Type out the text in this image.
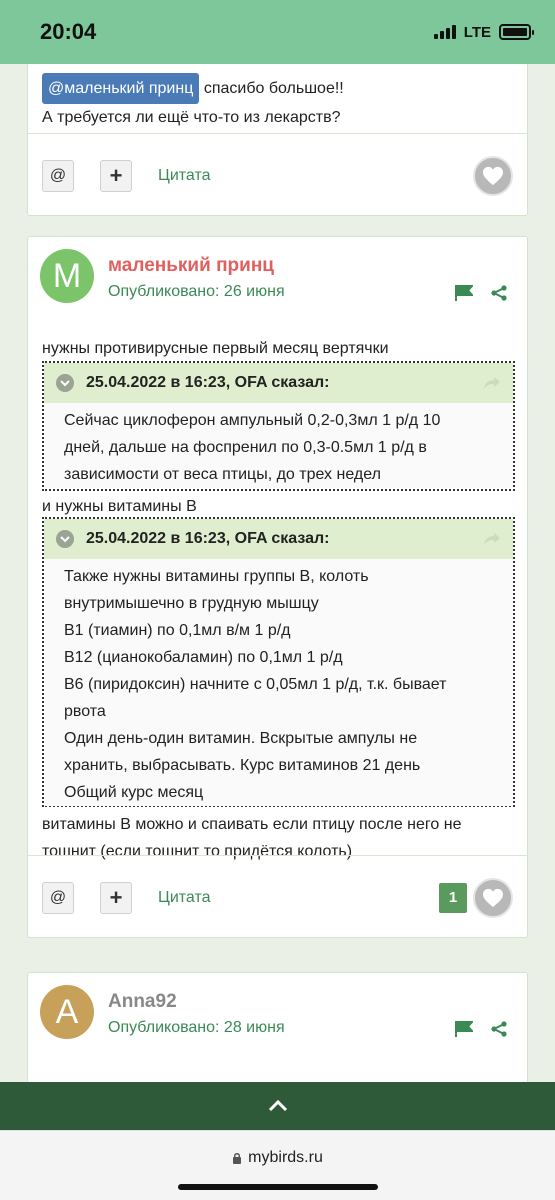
20:04	LTE
@маленький принц спасибо большое!!
А требуется ли ещё что-то из лекарств?
@	+	Цитата
M	маленький принц
Опубликовано: 26 июня
нужны противирусные первый месяц вертячки
25.04.2022 в 16:23, OFA сказал:
Сейчас циклоферон ампульный 0,2-0,3мл 1 р/д 10
дней, дальше на фоспренил по 0,3-0.5мл 1 р/д в
зависимости от веса птицы, до трех недел
и нужны витамины В
25.04.2022 в 16:23, OFA сказал:
Также нужны витамины группы В, колоть
внутримышечно в грудную мышцу
В1 (тиамин) по 0,1мл в/м 1 р/д
В12 (цианокобаламин) по 0,1мл 1 р/д
В6 (пиридоксин) начните с 0,05мл 1 р/д, т.к. бывает
рвота
Один день-один витамин. Вскрытые ампулы не
хранить, выбрасывать. Курс витаминов 21 день
Общий курс месяц
витамины В можно и спаивать если птицу после него не
тошнит (если тошнит то придётся колоть)
@	+	Цитата	1
A	Anna92
Опубликовано: 28 июня
mybirds.ru
